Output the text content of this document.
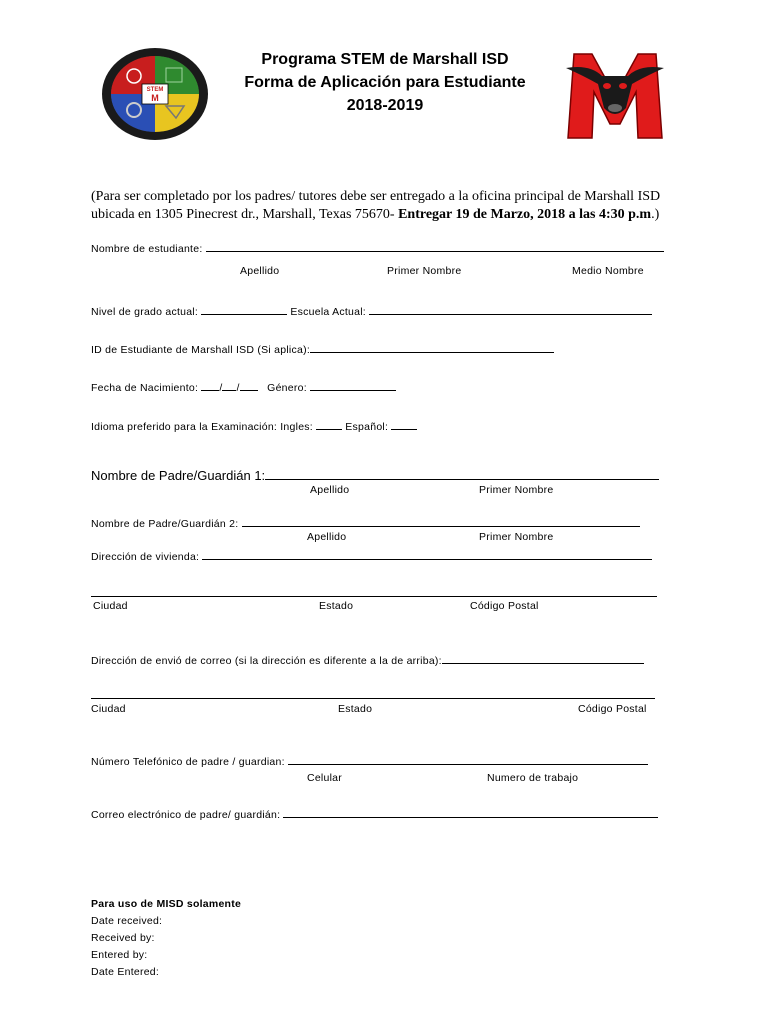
STEM
M
Programa STEM de Marshall ISD
Forma de Aplicación para Estudiante
2018-2019
(Para ser completado por los padres/ tutores debe ser entregado a la oficina principal de Marshall ISD
ubicada en 1305 Pinecrest dr., Marshall, Texas 75670- Entregar 19 de Marzo, 2018 a las 4:30 p.m.)
Nombre de estudiante:
Apellido	Primer Nombre	Medio Nombre
Nivel de grado actual:	Escuela Actual:
ID de Estudiante de Marshall ISD (Si aplica):
Fecha de Nacimiento: / /	Género:
Idioma preferido para la Examinación: Ingles:	Español:
Nombre de Padre/Guardián 1:
Apellido	Primer Nombre
Nombre de Padre/Guardián 2:
Apellido	Primer Nombre
Dirección de vivienda:
Ciudad	Estado	Código Postal
Dirección de envió de correo (si la dirección es diferente a la de arriba):
Ciudad	Estado	Código Postal
Número Telefónico de padre / guardian:
Celular	Numero de trabajo
Correo electrónico de padre/ guardián:
Para uso de MISD solamente
Date received:
Received by:
Entered by:
Date Entered:
